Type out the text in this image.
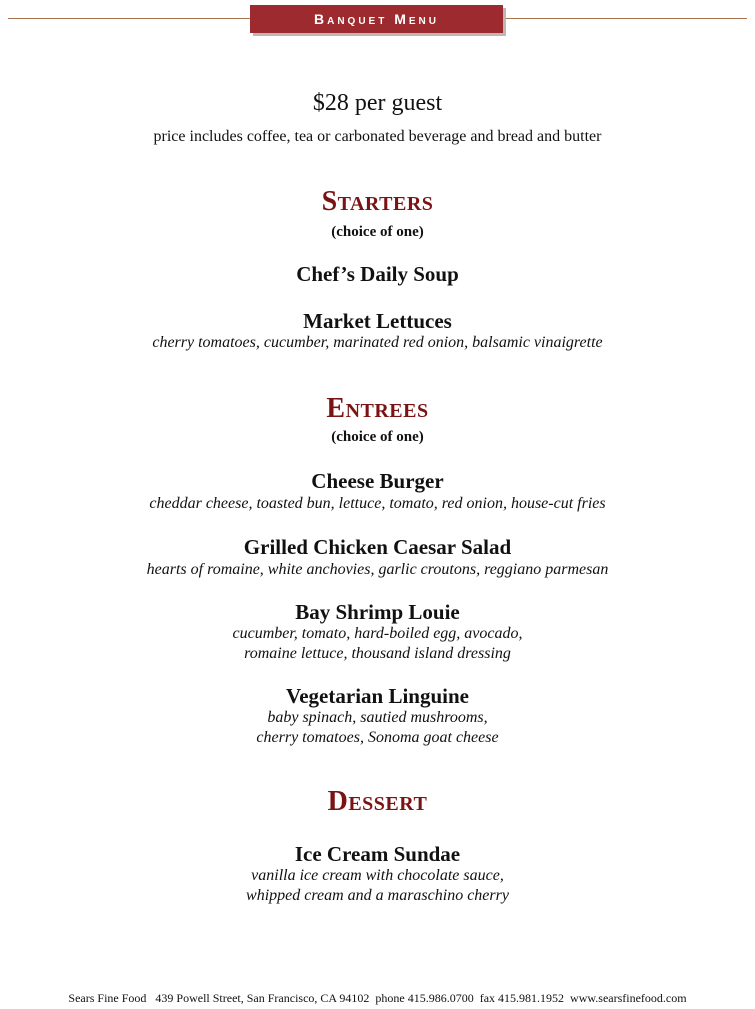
Banquet Menu
$28 per guest
price includes coffee, tea or carbonated beverage and bread and butter
Starters
(choice of one)
Chef’s Daily Soup
Market Lettuces
cherry tomatoes, cucumber, marinated red onion, balsamic vinaigrette
Entrees
(choice of one)
Cheese Burger
cheddar cheese, toasted bun, lettuce, tomato, red onion, house-cut fries
Grilled Chicken Caesar Salad
hearts of romaine, white anchovies, garlic croutons, reggiano parmesan
Bay Shrimp Louie
cucumber, tomato, hard-boiled egg, avocado,
romaine lettuce, thousand island dressing
Vegetarian Linguine
baby spinach, sautied mushrooms,
cherry tomatoes, Sonoma goat cheese
Dessert
Ice Cream Sundae
vanilla ice cream with chocolate sauce,
whipped cream and a maraschino cherry
Sears Fine Food   439 Powell Street, San Francisco, CA 94102  phone 415.986.0700  fax 415.981.1952  www.searsfinefood.com
